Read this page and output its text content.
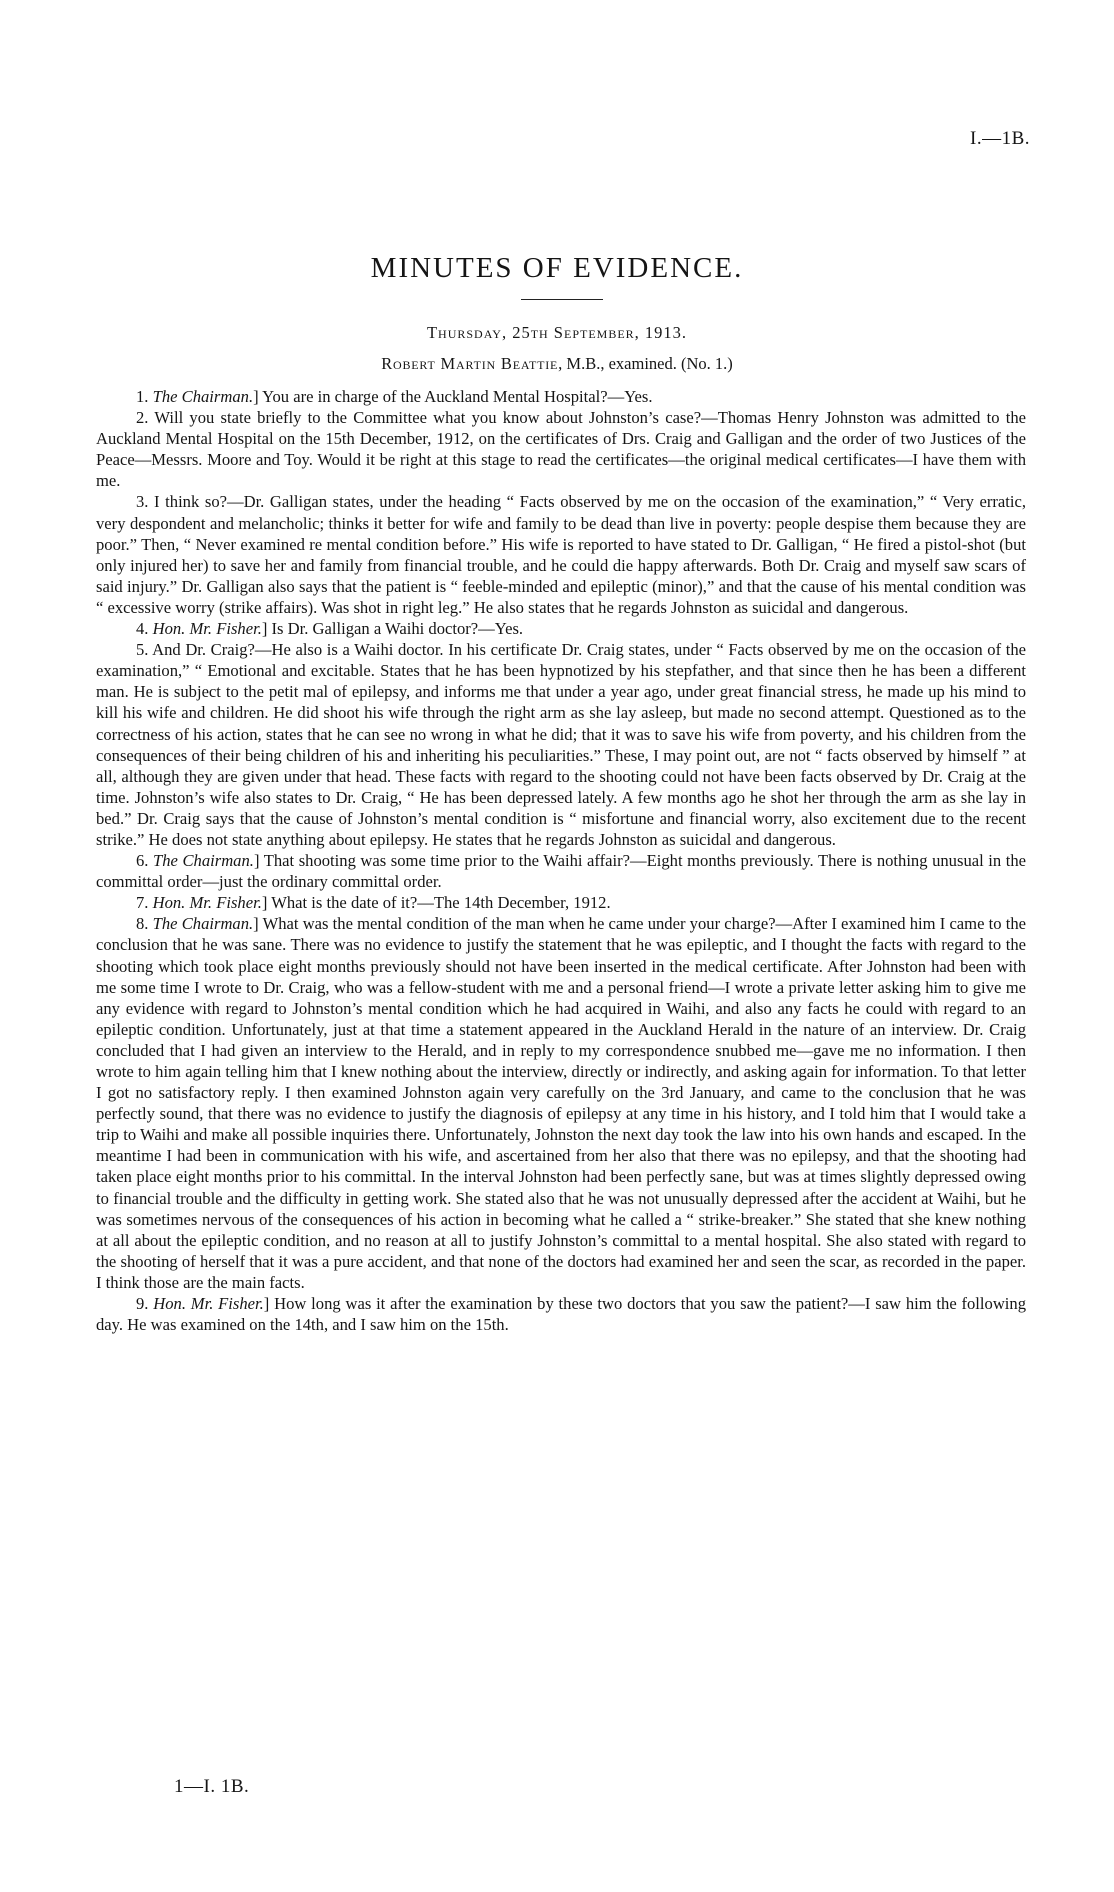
I.—1B.
MINUTES OF EVIDENCE.
Thursday, 25th September, 1913.
Robert Martin Beattie, M.B., examined. (No. 1.)

1. The Chairman.] You are in charge of the Auckland Mental Hospital?—Yes.

2. Will you state briefly to the Committee what you know about Johnston’s case?—Thomas Henry Johnston was admitted to the Auckland Mental Hospital on the 15th December, 1912, on the certificates of Drs. Craig and Galligan and the order of two Justices of the Peace—Messrs. Moore and Toy. Would it be right at this stage to read the certificates—the original medical certificates—I have them with me.

3. I think so?—Dr. Galligan states, under the heading “ Facts observed by me on the occasion of the examination,” “ Very erratic, very despondent and melancholic; thinks it better for wife and family to be dead than live in poverty: people despise them because they are poor.” Then, “ Never examined re mental condition before.” His wife is reported to have stated to Dr. Galligan, “ He fired a pistol-shot (but only injured her) to save her and family from financial trouble, and he could die happy afterwards. Both Dr. Craig and myself saw scars of said injury.” Dr. Galligan also says that the patient is “ feeble-minded and epileptic (minor),” and that the cause of his mental condition was “ excessive worry (strike affairs). Was shot in right leg.” He also states that he regards Johnston as suicidal and dangerous.

4. Hon. Mr. Fisher.] Is Dr. Galligan a Waihi doctor?—Yes.

5. And Dr. Craig?—He also is a Waihi doctor. In his certificate Dr. Craig states, under “ Facts observed by me on the occasion of the examination,” “ Emotional and excitable. States that he has been hypnotized by his stepfather, and that since then he has been a different man. He is subject to the petit mal of epilepsy, and informs me that under a year ago, under great financial stress, he made up his mind to kill his wife and children. He did shoot his wife through the right arm as she lay asleep, but made no second attempt. Questioned as to the correctness of his action, states that he can see no wrong in what he did; that it was to save his wife from poverty, and his children from the consequences of their being children of his and inheriting his peculiarities.” These, I may point out, are not “ facts observed by himself ” at all, although they are given under that head. These facts with regard to the shooting could not have been facts observed by Dr. Craig at the time. Johnston’s wife also states to Dr. Craig, “ He has been depressed lately. A few months ago he shot her through the arm as she lay in bed.” Dr. Craig says that the cause of Johnston’s mental condition is “ misfortune and financial worry, also excitement due to the recent strike.” He does not state anything about epilepsy. He states that he regards Johnston as suicidal and dangerous.

6. The Chairman.] That shooting was some time prior to the Waihi affair?—Eight months previously. There is nothing unusual in the committal order—just the ordinary committal order.

7. Hon. Mr. Fisher.] What is the date of it?—The 14th December, 1912.

8. The Chairman.] What was the mental condition of the man when he came under your charge?—After I examined him I came to the conclusion that he was sane. There was no evidence to justify the statement that he was epileptic, and I thought the facts with regard to the shooting which took place eight months previously should not have been inserted in the medical certificate. After Johnston had been with me some time I wrote to Dr. Craig, who was a fellow-student with me and a personal friend—I wrote a private letter asking him to give me any evidence with regard to Johnston’s mental condition which he had acquired in Waihi, and also any facts he could with regard to an epileptic condition. Unfortunately, just at that time a statement appeared in the Auckland Herald in the nature of an interview. Dr. Craig concluded that I had given an interview to the Herald, and in reply to my correspondence snubbed me—gave me no information. I then wrote to him again telling him that I knew nothing about the interview, directly or indirectly, and asking again for information. To that letter I got no satisfactory reply. I then examined Johnston again very carefully on the 3rd January, and came to the conclusion that he was perfectly sound, that there was no evidence to justify the diagnosis of epilepsy at any time in his history, and I told him that I would take a trip to Waihi and make all possible inquiries there. Unfortunately, Johnston the next day took the law into his own hands and escaped. In the meantime I had been in communication with his wife, and ascertained from her also that there was no epilepsy, and that the shooting had taken place eight months prior to his committal. In the interval Johnston had been perfectly sane, but was at times slightly depressed owing to financial trouble and the difficulty in getting work. She stated also that he was not unusually depressed after the accident at Waihi, but he was sometimes nervous of the consequences of his action in becoming what he called a “ strike-breaker.” She stated that she knew nothing at all about the epileptic condition, and no reason at all to justify Johnston’s committal to a mental hospital. She also stated with regard to the shooting of herself that it was a pure accident, and that none of the doctors had examined her and seen the scar, as recorded in the paper. I think those are the main facts.

9. Hon. Mr. Fisher.] How long was it after the examination by these two doctors that you saw the patient?—I saw him the following day. He was examined on the 14th, and I saw him on the 15th.

1—I. 1B.
